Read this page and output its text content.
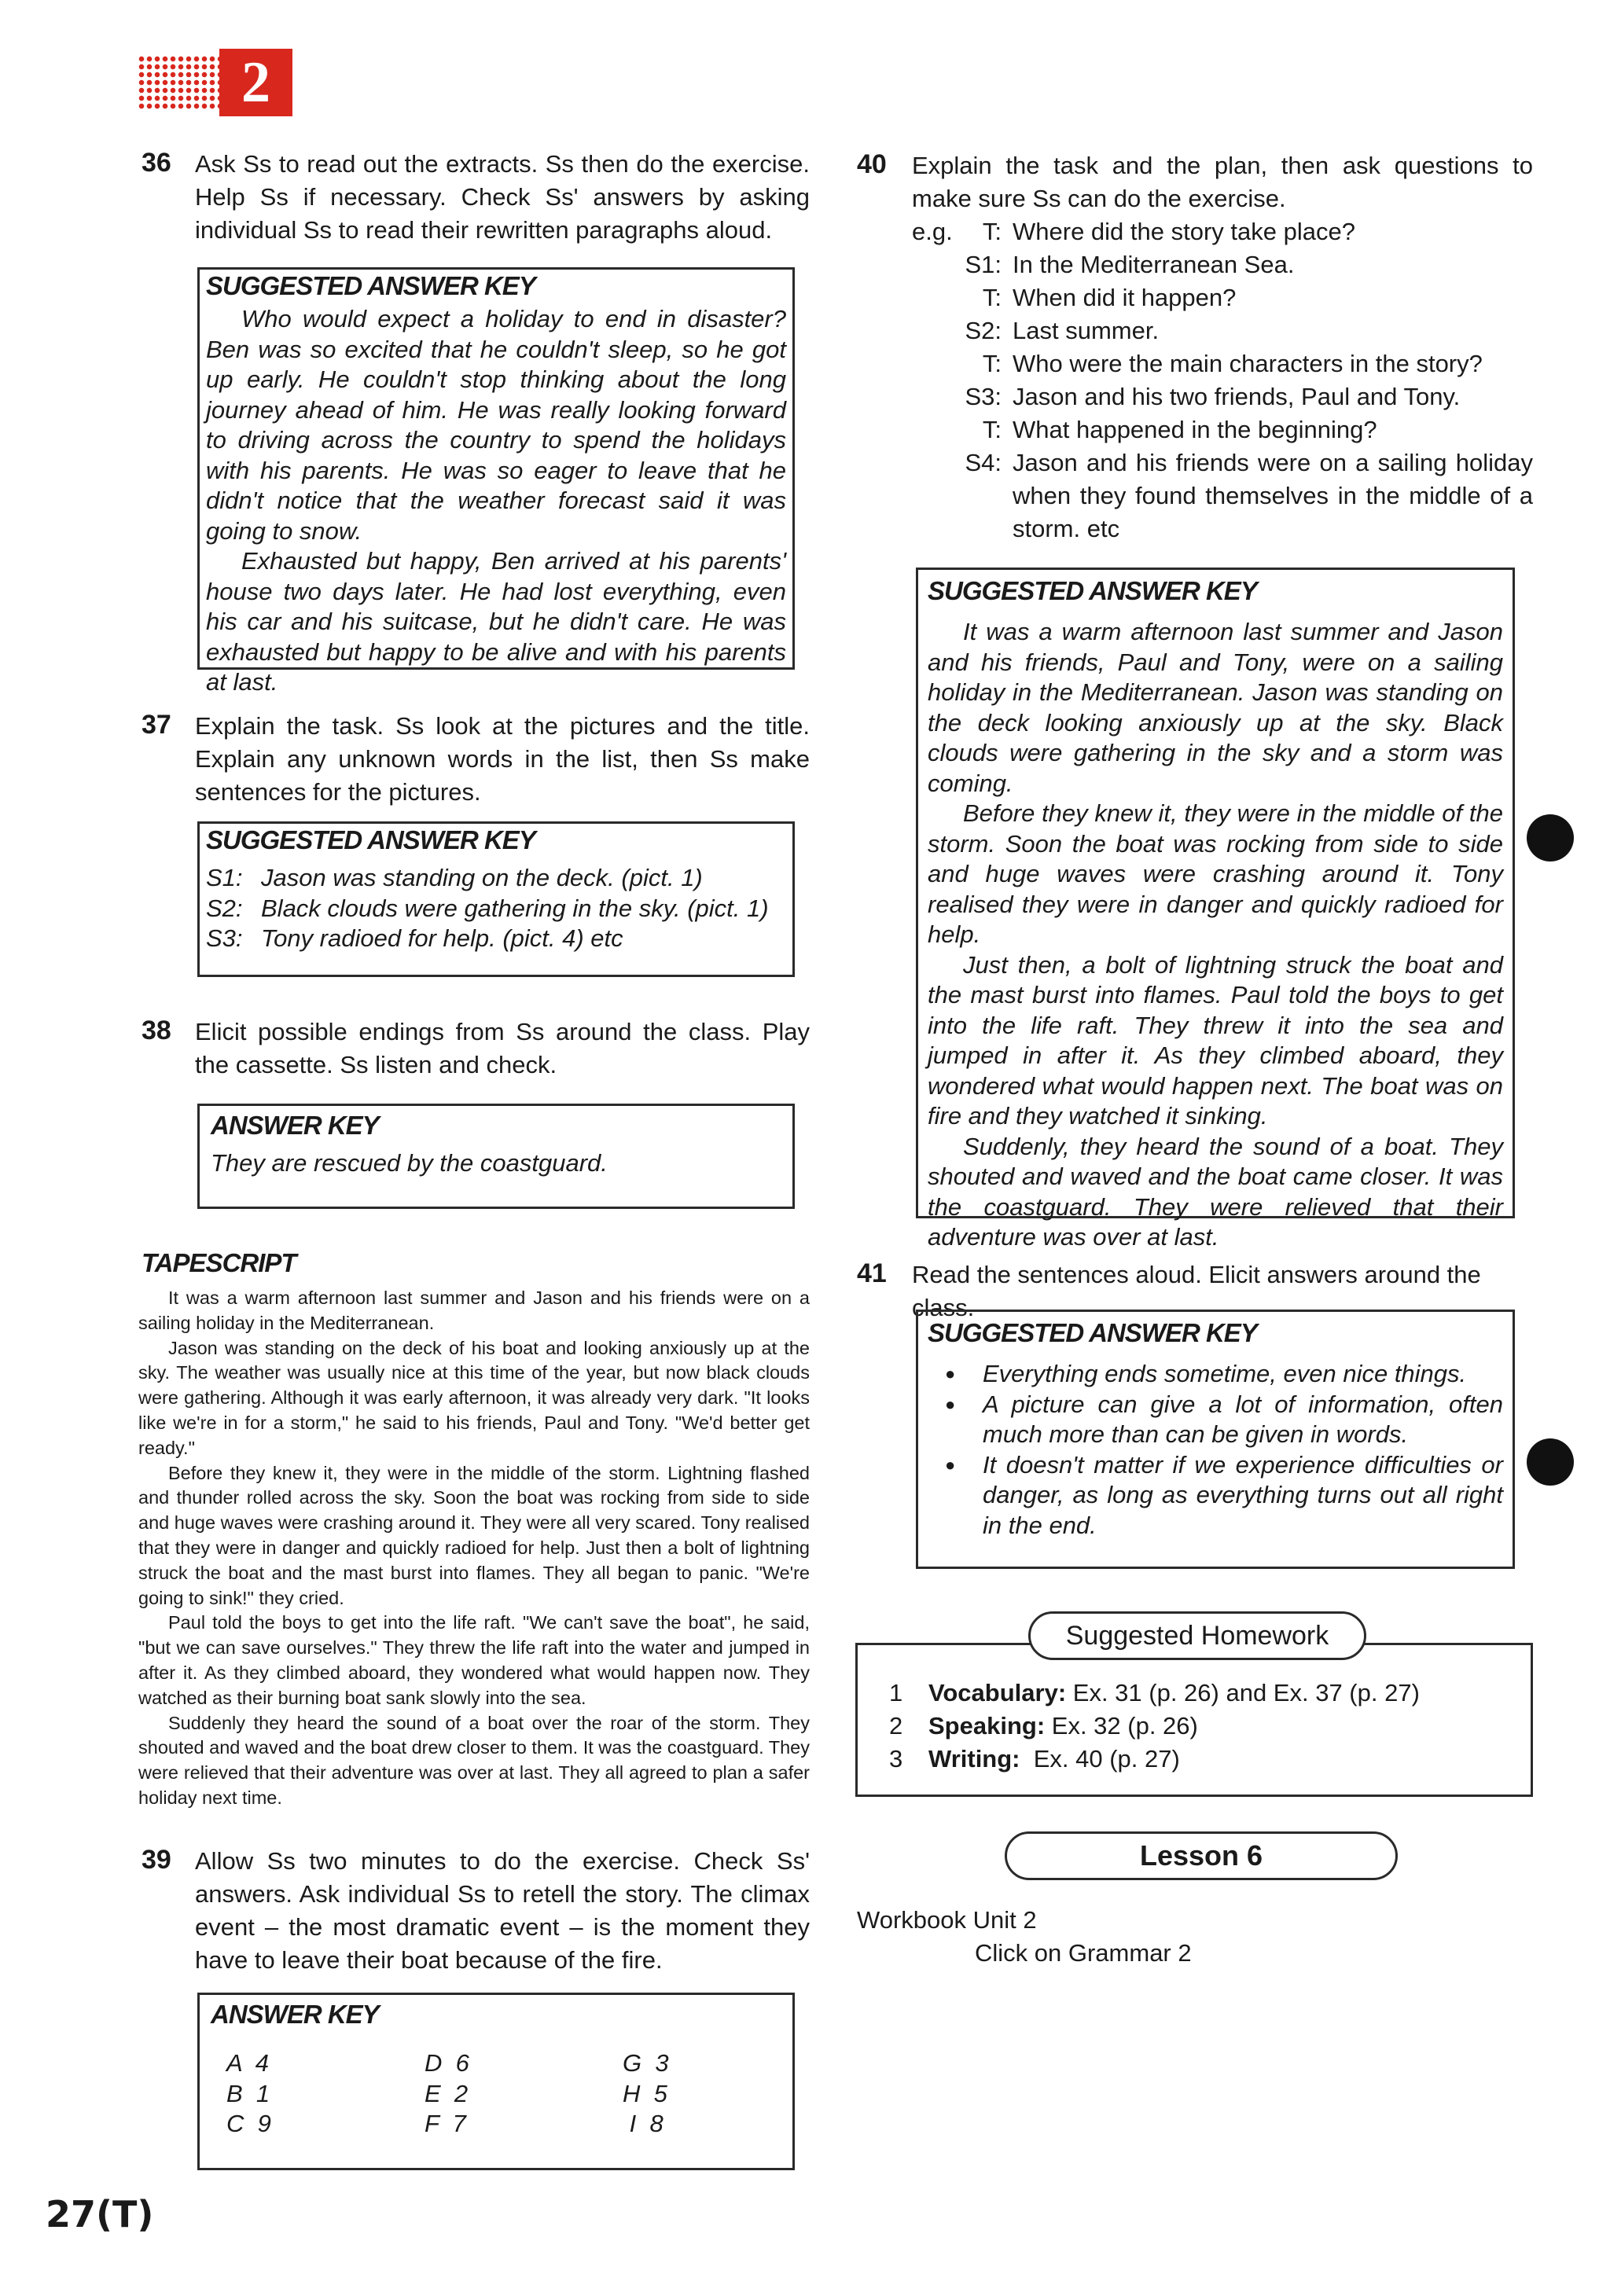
2
36 Ask Ss to read out the extracts. Ss then do the exercise. Help Ss if necessary. Check Ss' answers by asking individual Ss to read their rewritten paragraphs aloud.
SUGGESTED ANSWER KEY

Who would expect a holiday to end in disaster? Ben was so excited that he couldn't sleep, so he got up early. He couldn't stop thinking about the long journey ahead of him. He was really looking forward to driving across the country to spend the holidays with his parents. He was so eager to leave that he didn't notice that the weather forecast said it was going to snow.

Exhausted but happy, Ben arrived at his parents' house two days later. He had lost everything, even his car and his suitcase, but he didn't care. He was exhausted but happy to be alive and with his parents at last.

37 Explain the task. Ss look at the pictures and the title. Explain any unknown words in the list, then Ss make sentences for the pictures.
SUGGESTED ANSWER KEY
S1: Jason was standing on the deck. (pict. 1)
S2: Black clouds were gathering in the sky. (pict. 1)
S3: Tony radioed for help. (pict. 4) etc
38 Elicit possible endings from Ss around the class. Play the cassette. Ss listen and check.
ANSWER KEY
They are rescued by the coastguard.
TAPESCRIPT

It was a warm afternoon last summer and Jason and his friends were on a sailing holiday in the Mediterranean.

Jason was standing on the deck of his boat and looking anxiously up at the sky. The weather was usually nice at this time of the year, but now black clouds were gathering. Although it was early afternoon, it was already very dark. "It looks like we're in for a storm," he said to his friends, Paul and Tony. "We'd better get ready."

Before they knew it, they were in the middle of the storm. Lightning flashed and thunder rolled across the sky. Soon the boat was rocking from side to side and huge waves were crashing around it. They were all very scared. Tony realised that they were in danger and quickly radioed for help. Just then a bolt of lightning struck the boat and the mast burst into flames. They all began to panic. "We're going to sink!" they cried.

Paul told the boys to get into the life raft. "We can't save the boat", he said, "but we can save ourselves." They threw the life raft into the water and jumped in after it. As they climbed aboard, they wondered what would happen now. They watched as their burning boat sank slowly into the sea.

Suddenly they heard the sound of a boat over the roar of the storm. They shouted and waved and the boat drew closer to them. It was the coastguard. They were relieved that their adventure was over at last. They all agreed to plan a safer holiday next time.

39 Allow Ss two minutes to do the exercise. Check Ss' answers. Ask individual Ss to retell the story. The climax event – the most dramatic event – is the moment they have to leave their boat because of the fire.
ANSWER KEY
A  4	D  6	G  3
B  1	E  2	H  5
C  9	F  7	I  8
40 Explain the task and the plan, then ask questions to make sure Ss can do the exercise.
e.g.	T: Where did the story take place?
S1: In the Mediterranean Sea.
T: When did it happen?
S2: Last summer.
T: Who were the main characters in the story?
S3: Jason and his two friends, Paul and Tony.
T: What happened in the beginning?
S4: Jason and his friends were on a sailing holiday when they found themselves in the middle of a storm. etc
SUGGESTED ANSWER KEY

It was a warm afternoon last summer and Jason and his friends, Paul and Tony, were on a sailing holiday in the Mediterranean. Jason was standing on the deck looking anxiously up at the sky. Black clouds were gathering in the sky and a storm was coming.

Before they knew it, they were in the middle of the storm. Soon the boat was rocking from side to side and huge waves were crashing around it. Tony realised they were in danger and quickly radioed for help.

Just then, a bolt of lightning struck the boat and the mast burst into flames. Paul told the boys to get into the life raft. They threw it into the sea and jumped in after it. As they climbed aboard, they wondered what would happen next. The boat was on fire and they watched it sinking.

Suddenly, they heard the sound of a boat. They shouted and waved and the boat came closer. It was the coastguard. They were relieved that their adventure was over at last.

41 Read the sentences aloud. Elicit answers around the class.
SUGGESTED ANSWER KEY
● Everything ends sometime, even nice things.
● A picture can give a lot of information, often much more than can be given in words.
● It doesn't matter if we experience difficulties or danger, as long as everything turns out all right in the end.
1	Vocabulary: Ex. 31 (p. 26) and Ex. 37 (p. 27)
2	Speaking: Ex. 32 (p. 26)
3	Writing: Ex. 40 (p. 27)
Suggested Homework
Lesson 6
Workbook Unit 2
Click on Grammar 2
27(T)
